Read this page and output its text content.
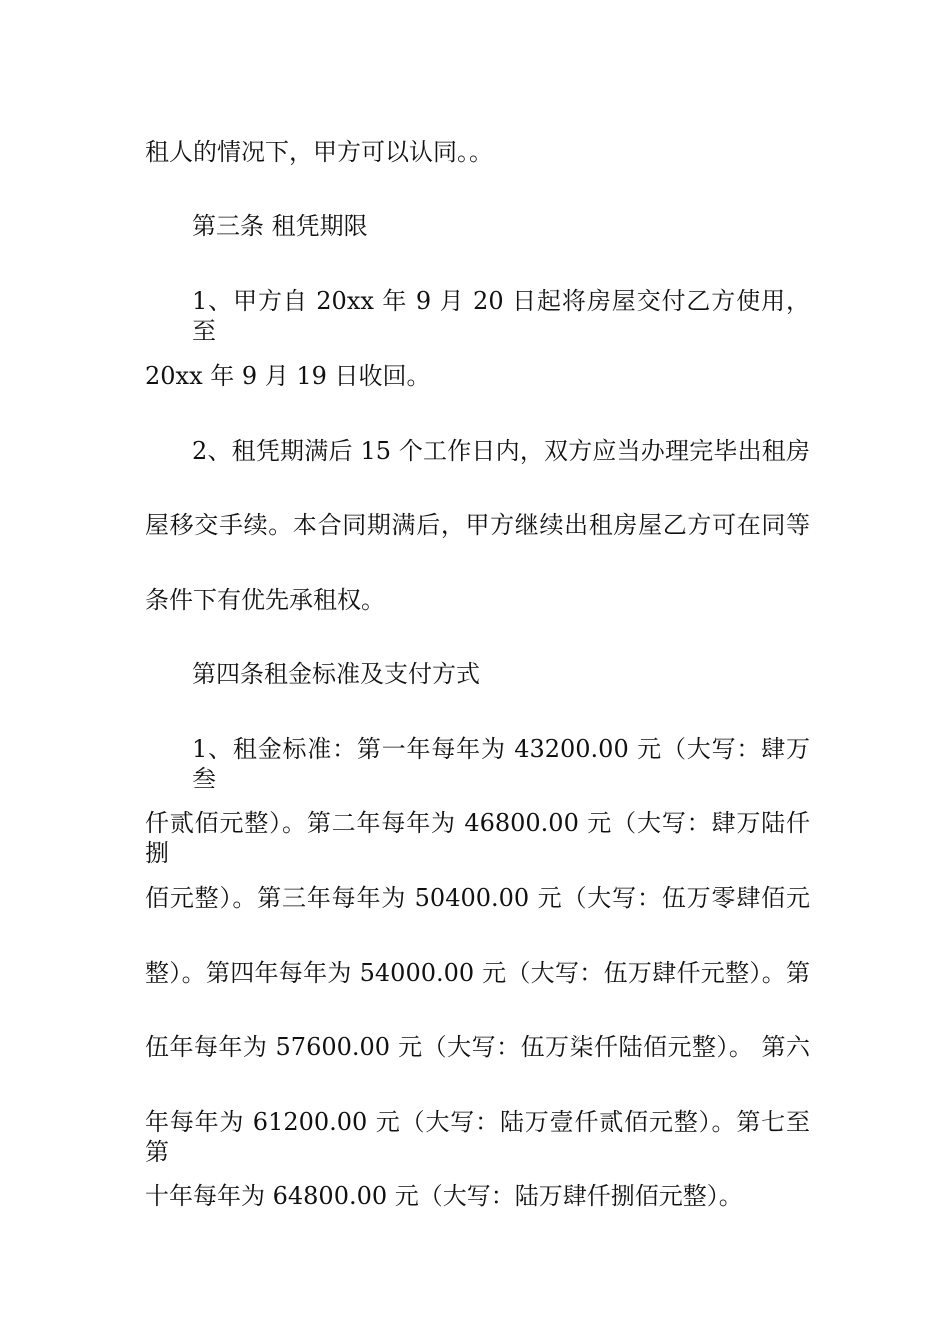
租人的情况下，甲方可以认同。。
第三条 租凭期限
1、甲方自 20xx 年 9 月 20 日起将房屋交付乙方使用，至
20xx 年 9 月 19 日收回。
2、租凭期满后 15 个工作日内，双方应当办理完毕出租房
屋移交手续。本合同期满后，甲方继续出租房屋乙方可在同等
条件下有优先承租权。
第四条租金标准及支付方式
1、租金标准：第一年每年为 43200.00 元（大写：肆万叁
仟贰佰元整）。第二年每年为 46800.00 元（大写：肆万陆仟捌
佰元整）。第三年每年为 50400.00 元（大写：伍万零肆佰元
整）。第四年每年为 54000.00 元（大写：伍万肆仟元整）。第
伍年每年为 57600.00 元（大写：伍万柒仟陆佰元整）。 第六
年每年为 61200.00 元（大写：陆万壹仟贰佰元整）。第七至第
十年每年为 64800.00 元（大写：陆万肆仟捌佰元整）。
